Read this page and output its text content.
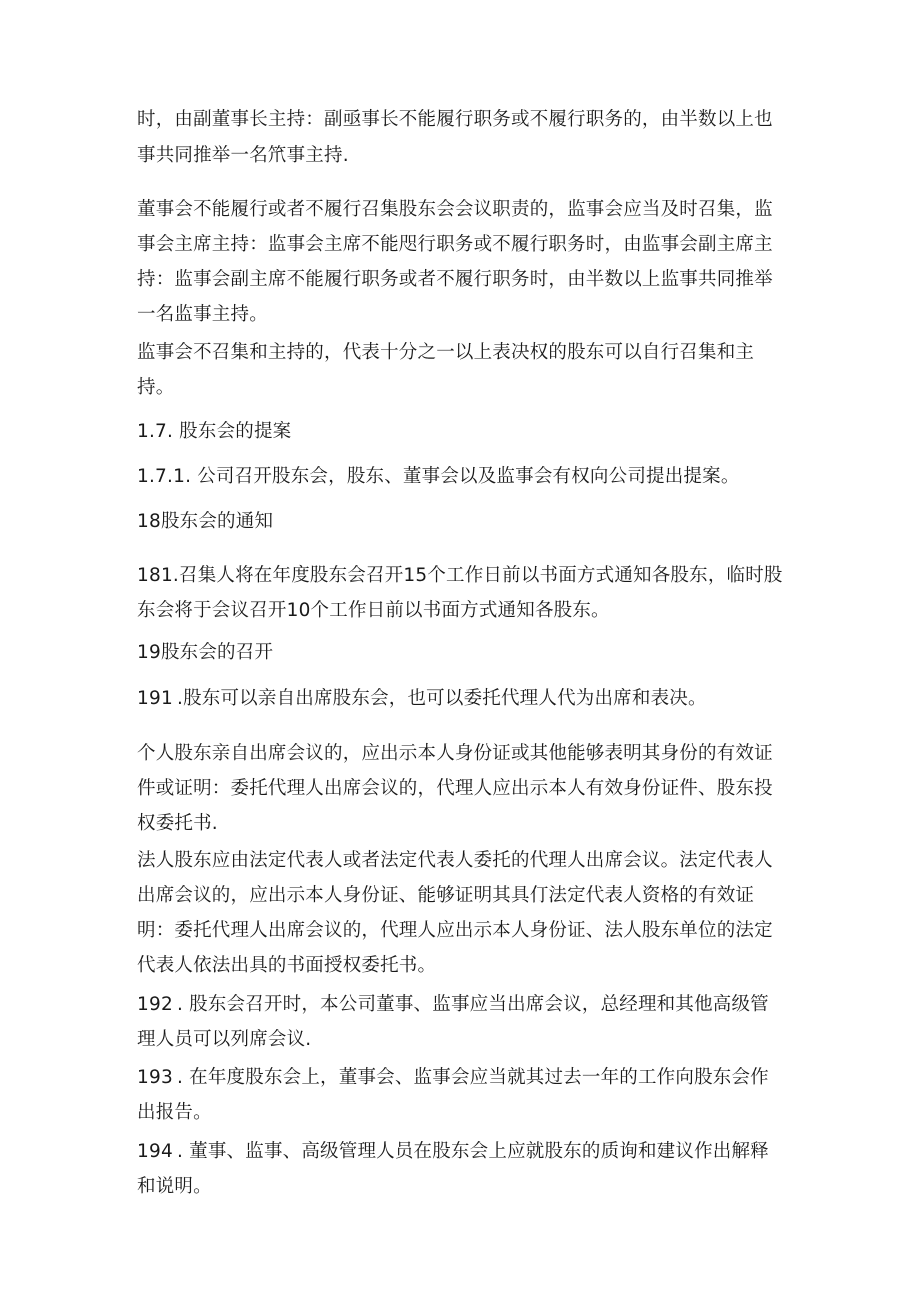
时，由副董事长主持：副亟事长不能履行职务或不履行职务的，由半数以上也
事共同推举一名笊事主持.
董事会不能履行或者不履行召集股东会会议职责的，监事会应当及时召集，监
事会主席主持：监事会主席不能咫行职务或不履行职务时，由监事会副主席主
持：监事会副主席不能履行职务或者不履行职务时，由半数以上监事共同推举
一名监事主持。
监事会不召集和主持的，代表十分之一以上表决权的股东可以自行召集和主
持。
1.7. 股东会的提案
1.7.1. 公司召开股东会，股东、董事会以及监事会有权向公司提出提案。
18股东会的通知
181.召集人将在年度股东会召开15个工作日前以书面方式通知各股东，临时股
东会将于会议召开10个工作日前以书面方式通知各股东。
19股东会的召开
191 .股东可以亲自出席股东会，也可以委托代理人代为出席和表决。
个人股东亲自出席会议的，应出示本人身份证或其他能够表明其身份的有效证
件或证明：委托代理人出席会议的，代理人应出示本人有效身份证件、股东投
权委托书.
法人股东应由法定代表人或者法定代表人委托的代理人出席会议。法定代表人
出席会议的，应出示本人身份证、能够证明其具仃法定代表人资格的有效证
明：委托代理人出席会议的，代理人应出示本人身份证、法人股东单位的法定
代表人依法出具的书面授权委托书。
192 . 股东会召开时，本公司董事、监事应当出席会议，总经理和其他高级管
理人员可以列席会议.
193 . 在年度股东会上，董事会、监事会应当就其过去一年的工作向股东会作
出报告。
194 . 董事、监事、高级管理人员在股东会上应就股东的质询和建议作出解释
和说明。
